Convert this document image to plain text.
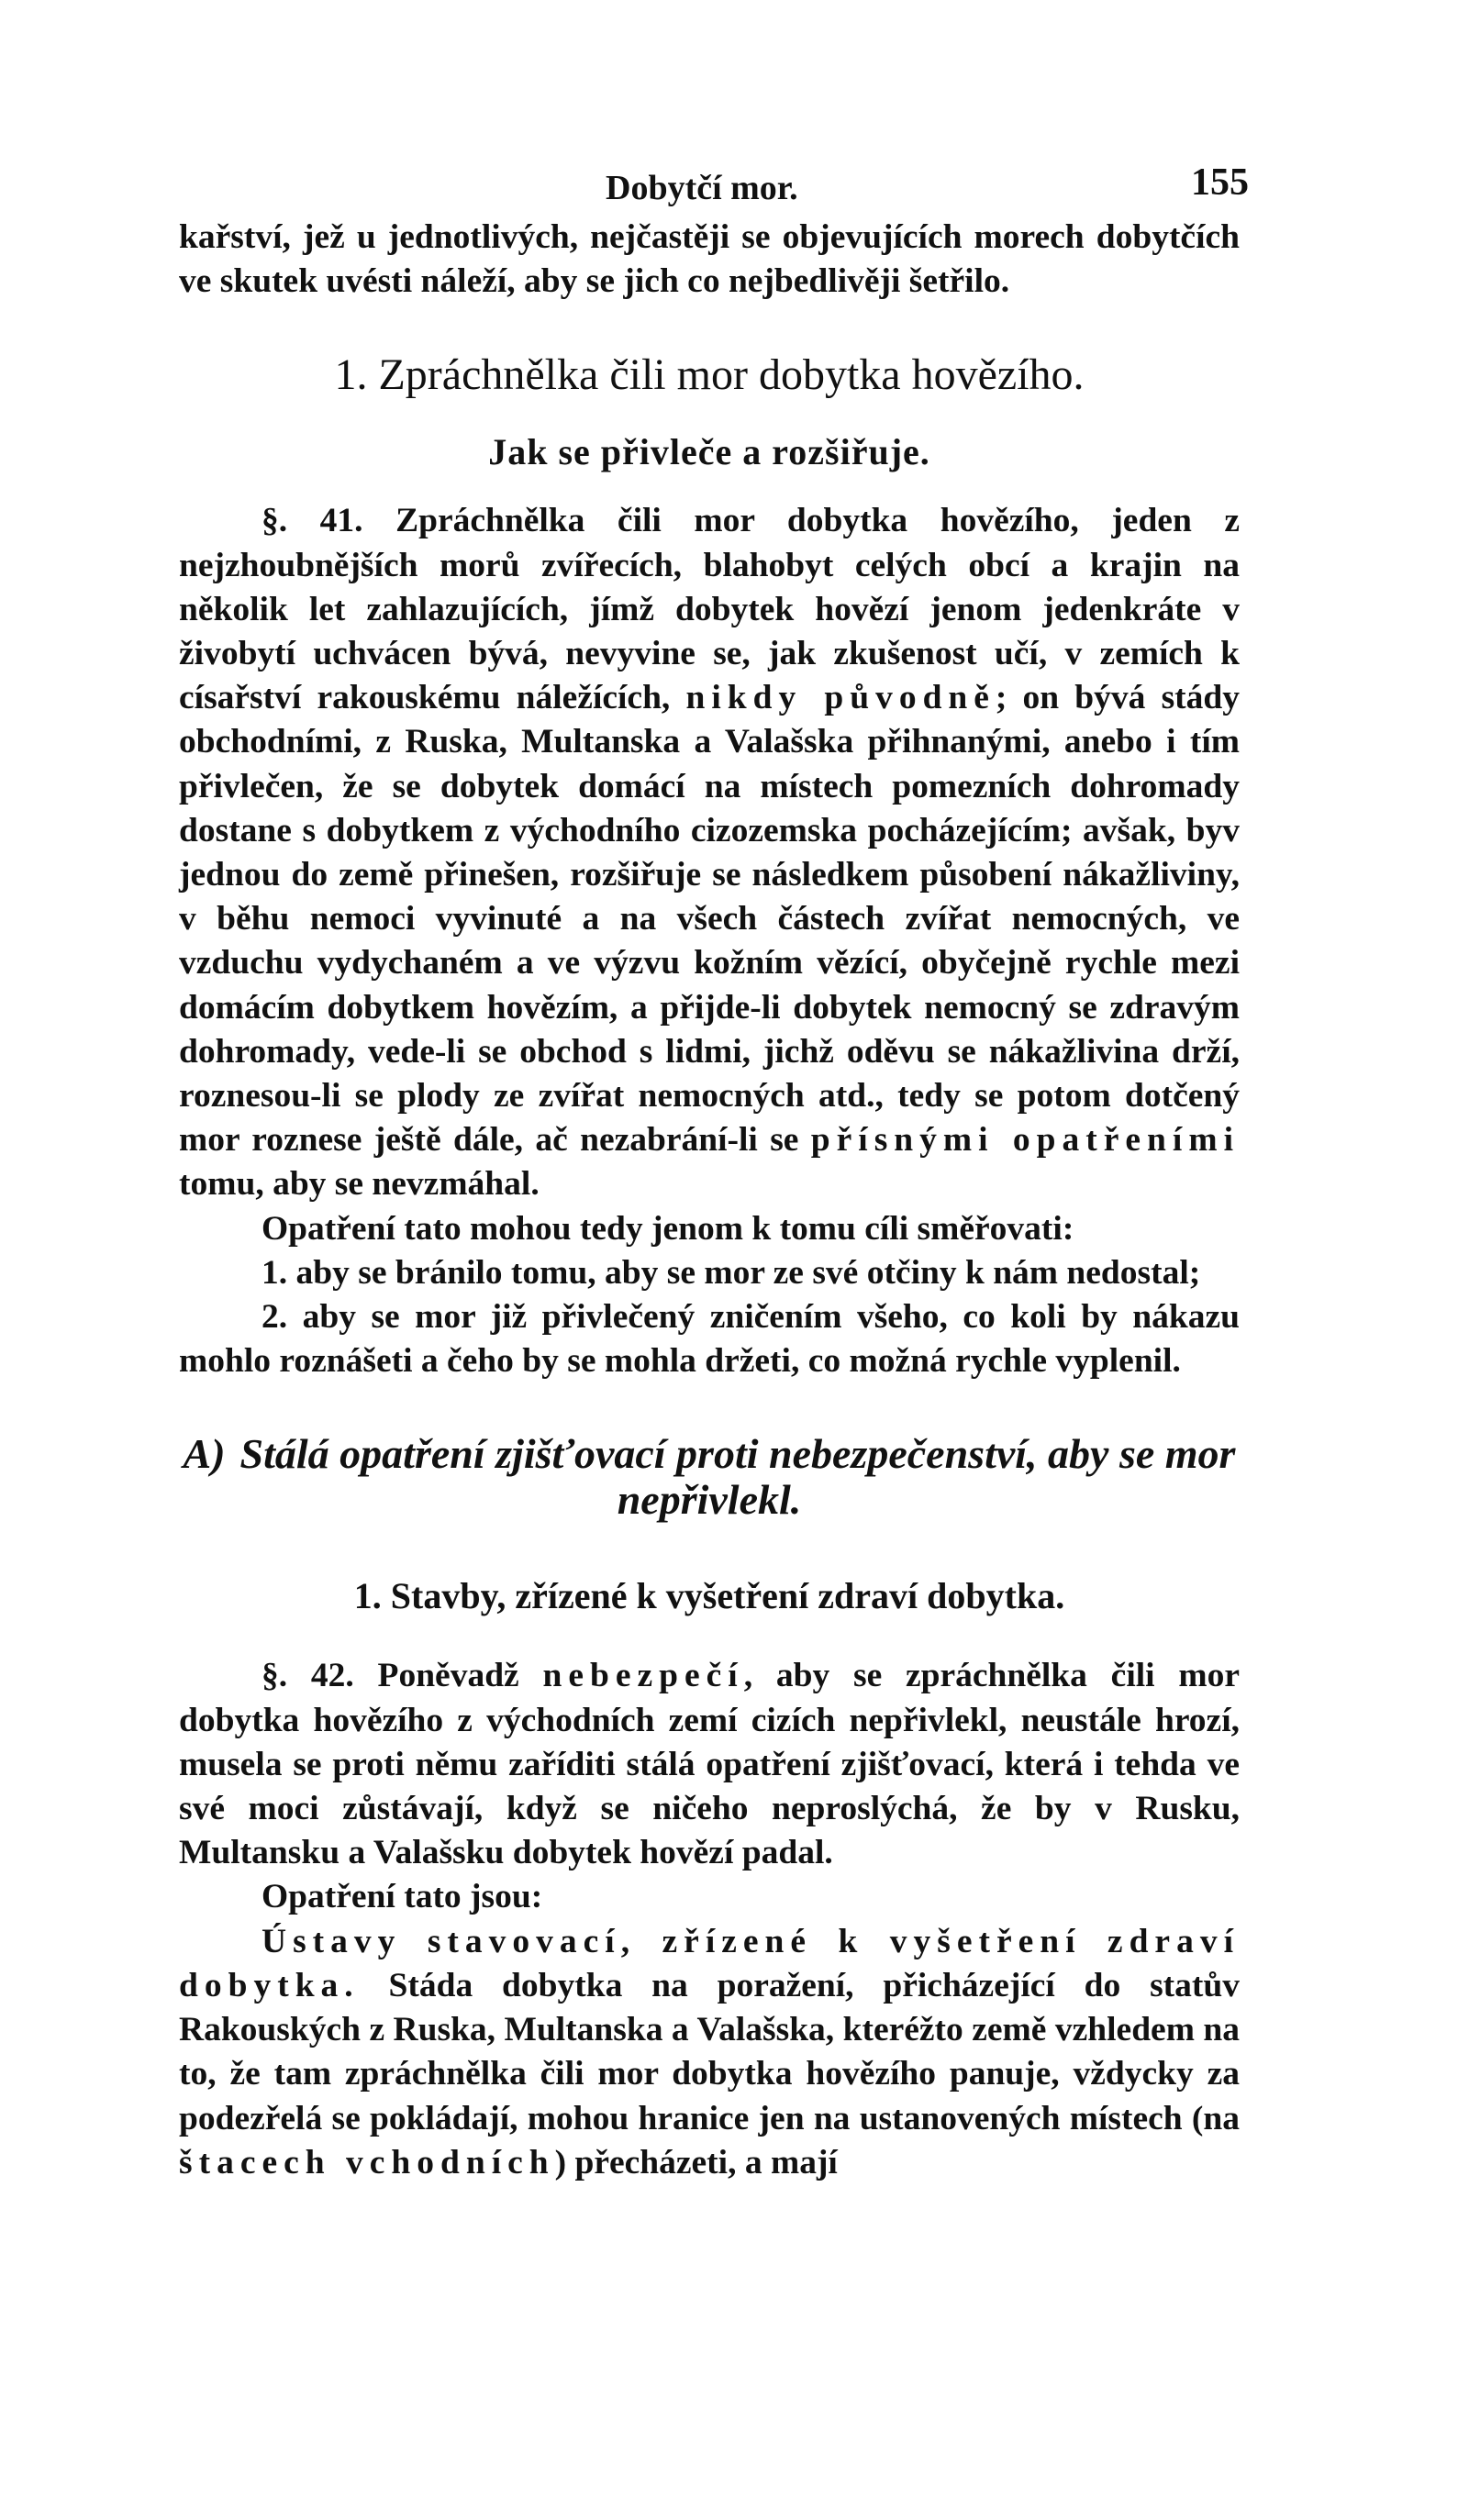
Dobytčí mor.	155

kařství, jež u jednotlivých, nejčastěji se objevujících morech dobytčích ve skutek uvésti náleží, aby se jich co nejbedlivěji šetřilo.

1. Zpráchnělka čili mor dobytka hovězího.
Jak se přivleče a rozšiřuje.

§. 41. Zpráchnělka čili mor dobytka hovězího, jeden z nejzhoubnějších morů zvířecích, blahobyt celých obcí a krajin na několik let zahlazujících, jímž dobytek hovězí jenom jedenkráte v živobytí uchvácen bývá, nevyvine se, jak zkušenost učí, v zemích k císařství rakouskému náležících, nikdy původně; on bývá stády obchodními, z Ruska, Multanska a Valašska přihnanými, anebo i tím přivlečen, že se dobytek domácí na místech pomezních dohromady dostane s dobytkem z východního cizozemska pocházejícím; avšak, byv jednou do země přinešen, rozšiřuje se následkem působení nákažliviny, v běhu nemoci vyvinuté a na všech částech zvířat nemocných, ve vzduchu vydychaném a ve výzvu kožním vězící, obyčejně rychle mezi domácím dobytkem hovězím, a přijde-li dobytek nemocný se zdravým dohromady, vede-li se obchod s lidmi, jichž oděvu se nákažlivina drží, roznesou-li se plody ze zvířat nemocných atd., tedy se potom dotčený mor roznese ještě dále, ač nezabrání-li se přísnými opatřeními tomu, aby se nevzmáhal.

Opatření tato mohou tedy jenom k tomu cíli směřovati:

1. aby se bránilo tomu, aby se mor ze své otčiny k nám nedostal;

2. aby se mor již přivlečený zničením všeho, co koli by nákazu mohlo roznášeti a čeho by se mohla držeti, co možná rychle vyplenil.

A) Stálá opatření zjišťovací proti nebezpečenství, aby se mor nepřivlekl.
1. Stavby, zřízené k vyšetření zdraví dobytka.

§. 42. Poněvadž nebezpečí, aby se zpráchnělka čili mor dobytka hovězího z východních zemí cizích nepřivlekl, neustále hrozí, musela se proti němu zaříditi stálá opatření zjišťovací, která i tehda ve své moci zůstávají, když se ničeho neproslýchá, že by v Rusku, Multansku a Valašsku dobytek hovězí padal.

Opatření tato jsou:

Ústavy stavovací, zřízené k vyšetření zdraví dobytka. Stáda dobytka na poražení, přicházející do statův Rakouských z Ruska, Multanska a Valašska, kteréžto země vzhledem na to, že tam zpráchnělka čili mor dobytka hovězího panuje, vždycky za podezřelá se pokládají, mohou hranice jen na ustanovených místech (na štacech vchodních) přecházeti, a mají
